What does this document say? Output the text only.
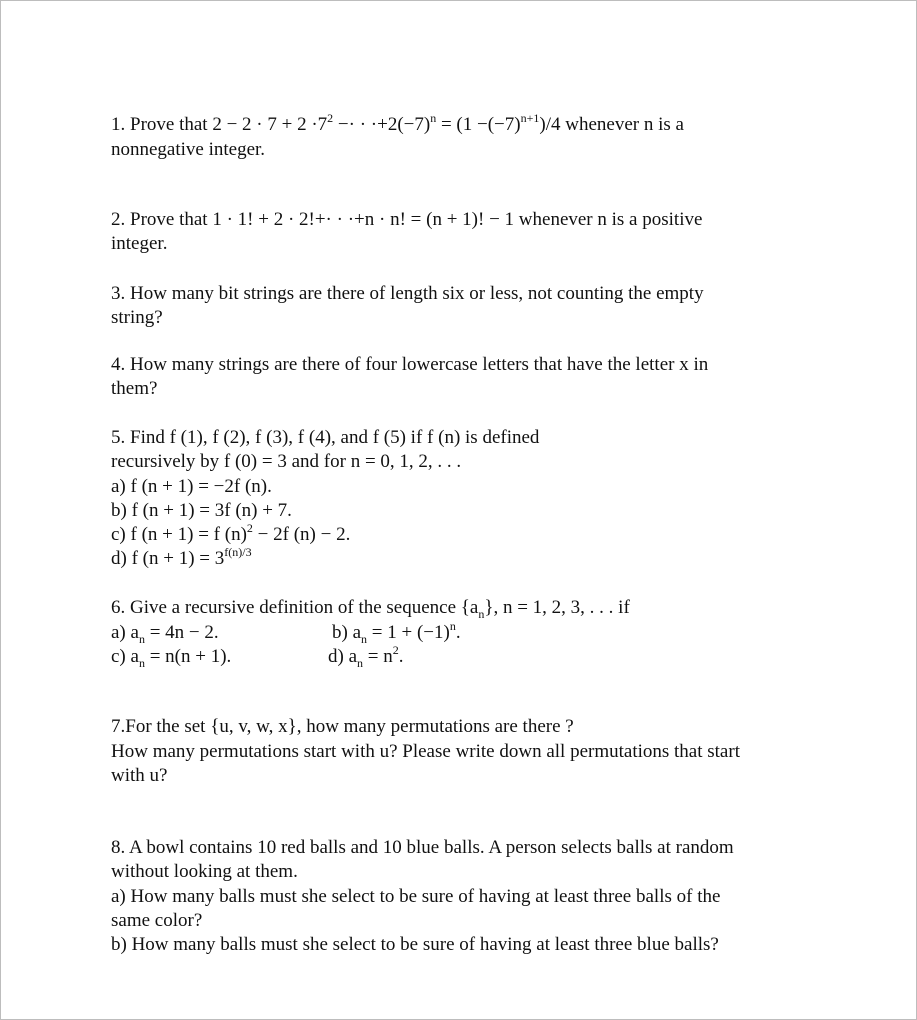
1. Prove that $2 - 2 \cdot 7 + 2 \cdot 7^2$ −· · $\cdot+2(-7)^n = (1 -(-7)^{n+1})/4$ whenever n is a
nonnegative integer.
2. Prove that 1 · 1! + 2 · 2!+· · ·+n · n! = (n + 1)! − 1 whenever n is a positive
integer.
3. How many bit strings are there of length six or less, not counting the empty
string?
4. How many strings are there of four lowercase letters that have the letter x in
them?
5. Find f (1), f (2), f (3), f (4), and f (5) if f (n) is defined
recursively by f (0) = 3 and for n = 0, 1, 2, . . .
a) f (n + 1) = −2f (n).
b) f (n + 1) = 3f (n) + 7.
c) f (n + 1) = f $(n)^2 - 2f$ (n) − 2.
d) f $(n + 1) = 3^{f(n)/3}$
6. Give a recursive definition of the sequence $\{a_n\}$, n = 1, 2, 3, . . . if
a) $a_n = 4n - 2$.	b) $a_n = 1 + (-1)^n$.
c) $a_n = n(n + 1)$.	d) $a_n = n^2$.
7.For the set {u, v, w, x}, how many permutations are there ?
How many permutations start with u? Please write down all permutations that start
with u?
8. A bowl contains 10 red balls and 10 blue balls. A person selects balls at random
without looking at them.
a) How many balls must she select to be sure of having at least three balls of the
same color?
b) How many balls must she select to be sure of having at least three blue balls?
